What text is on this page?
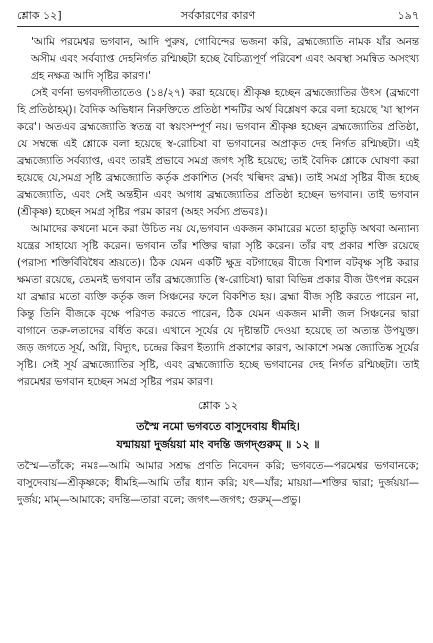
শ্লোক ১২]	সর্বকারণের কারণ	১৯৭

'আমি পরমেশ্বর ভগবান, আদি পুরুষ, গোবিন্দের ভজনা করি, ব্রহ্মজ্যোতি নামক যাঁর অনন্ত অসীম এবং সর্বব্যাপ্ত দেহনির্গত রশ্মিচ্ছটা হচ্ছে বৈচিত্র্যপূর্ণ পরিবেশ এবং অবস্থা সমন্বিত অসংখ্য গ্রহ নক্ষত্র আদি সৃষ্টির কারণ।'

সেই বর্ণনা ভগবদ্গীতাতেও (১৪/২৭) করা হয়েছে। শ্রীকৃষ্ণ হচ্ছেন ব্রহ্মজ্যোতির উৎস (ব্রহ্মণো হি প্রতিষ্ঠাহম্)। বৈদিক অভিধান নিরুক্তিতে প্রতিষ্ঠা শব্দটির অর্থ বিশ্লেষণ করে বলা হয়েছে 'যা স্থাপন করে'। অতএব ব্রহ্মজ্যোতি স্বতন্ত্র বা স্বয়ংসম্পূর্ণ নয়। ভগবান শ্রীকৃষ্ণ হচ্ছেন ব্রহ্মজ্যোতির প্রতিষ্ঠা, যে সম্বন্ধে এই শ্লোকে বলা হয়েছে স্ব-রোচিষা বা ভগবানের অপ্রাকৃত দেহ নির্গত রশ্মিচ্ছটা। এই ব্রহ্মজ্যোতি সর্বব্যাপ্ত, এবং তারই প্রভাবে সমগ্র জগৎ সৃষ্টি হয়েছে; তাই বৈদিক শ্লোকে ঘোষণা করা হয়েছে যে,সমগ্র সৃষ্টি ব্রহ্মজ্যোতি কর্তৃক প্রকাশিত (সর্বং খল্বিদং ব্রহ্ম)। তাই সমগ্র সৃষ্টির বীজ হচ্ছে ব্রহ্মজ্যোতি, এবং সেই অন্তহীন এবং অগাধ ব্রহ্মজ্যোতির প্রতিষ্ঠা হচ্ছেন ভগবান। তাই ভগবান (শ্রীকৃষ্ণ) হচ্ছেন সমগ্র সৃষ্টির পরম কারণ (অহং সর্বস্য প্রভবঃ)।

আমাদের কখনো মনে করা উচিত নয় যে,ভগবান একজন কামারের মতো হাতুড়ি অথবা অন্যান্য যন্ত্রের সাহায্যে সৃষ্টি করেন। ভগবান তাঁর শক্তির দ্বারা সৃষ্টি করেন। তাঁর বহু প্রকার শক্তি রয়েছে (পরাস্য শক্তির্বিবিধৈব শ্রূয়তে)। ঠিক যেমন একটি ক্ষুদ্র বটগাছের বীজে বিশাল বটবৃক্ষ সৃষ্টি করার ক্ষমতা রয়েছে, তেমনই ভগবান তাঁর ব্রহ্মজ্যোতি (স্ব-রোচিষা) দ্বারা বিভিন্ন প্রকার বীজ উৎপন্ন করেন যা ব্রহ্মার মতো ব্যক্তি কর্তৃক জল সিঞ্চনের ফলে বিকশিত হয়। ব্রহ্মা বীজ সৃষ্টি করতে পারেন না, কিন্তু তিনি বীজকে বৃক্ষে পরিণত করতে পারেন, ঠিক যেমন একজন মালী জল সিঞ্চনের দ্বারা বাগানে তরু-লতাদের বর্ধিত করে। এখানে সূর্যের যে দৃষ্টান্তটি দেওয়া হয়েছে তা অত্যন্ত উপযুক্ত। জড় জগতে সূর্য, অগ্নি, বিদ্যুৎ, চন্দ্রের কিরণ ইত্যাদি প্রকাশের কারণ, আকাশে সমস্ত জ্যোতিষ্ক সূর্যের সৃষ্টি। সেই সূর্য ব্রহ্মজ্যোতির সৃষ্টি, এবং ব্রহ্মজ্যোতি হচ্ছে ভগবানের দেহ নির্গত রশ্মিচ্ছটা। তাই পরমেশ্বর ভগবান হচ্ছেন সমগ্র সৃষ্টির পরম কারণ।

শ্লোক ১২
তস্মৈ নমো ভগবতে বাসুদেবায় ধীমহি।
যন্মায়য়া দুর্জয়য়া মাং বদন্তি জগদ্গুরুম্ ॥ ১২ ॥

তস্মৈ—তাঁকে; নমঃ—আমি আমার সশ্রদ্ধ প্রণতি নিবেদন করি; ভগবতে—পরমেশ্বর ভগবানকে; বাসুদেবায়—শ্রীকৃষ্ণকে; ধীমহি—আমি তাঁর ধ্যান করি; যৎ—যাঁর; মায়য়া—শক্তির দ্বারা; দুর্জয়য়া—দুর্জয়; মাম্—আমাকে; বদন্তি—তারা বলে; জগৎ—জগৎ; গুরুম্—প্রভু।
